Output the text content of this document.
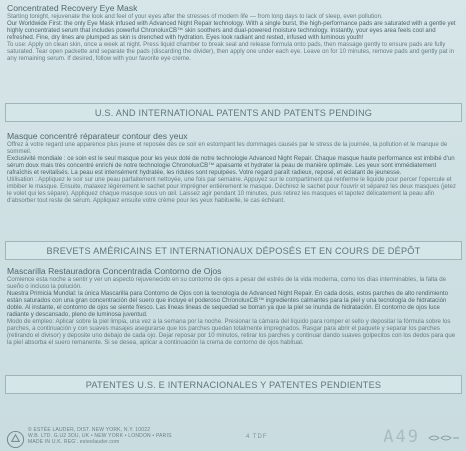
Concentrated Recovery Eye Mask

Starting tonight, rejuvenate the look and feel of your eyes after the stresses of modern life — from long days to lack of sleep, even pollution.

Our Worldwide First: the only Eye Mask infused with Advanced Night Repair technology. With a single burst, the high-performance pads are saturated with a gentle yet highly concentrated serum that includes powerful ChronoluxCB™ skin soothers and dual-powered moisture technology. Instantly, your eyes area feels cool and refreshed. Fine, dry lines are plumped as skin is drenched with hydration. Eyes look radiant and rested, infused with luminous youth!

To use: Apply on clean skin, once a week at night. Press liquid chamber to break seal and release formula onto pads, then massage gently to ensure pads are fully saturated. Tear open packette and separate the pads (discarding the divider), then apply one under each eye. Leave on for 10 minutes, remove pads and gently pat in any remaining serum. If desired, follow with your favorite eye creme.

U.S. AND INTERNATIONAL PATENTS AND PATENTS PENDING
Masque concentré réparateur contour des yeux

Offrez à votre regard une apparence plus jeune et reposée dès ce soir en estompant les dommages causés par le stress de la journée, la pollution et le manque de sommeil.

Exclusivité mondiale : ce soin est le seul masque pour les yeux doté de notre technologie Advanced Night Repair. Chaque masque haute performance est imbibé d'un sérum doux mais très concentré enrichi de notre technologie ChronoluxCB™ apaisante et hydrater la peau de manière optimale. Les yeux sont immédiatement rafraîchis et revitalisés. La peau est intensément hydratée, les ridules sont repulpées. Votre regard paraît radieux, reposé, et éclatant de jeunesse.

Utilisation : Appliquez le soir sur une peau parfaitement nettoyée, une fois par semaine. Appuyez sur le compartiment qui renferme le liquide pour percer l'opercule et imbiber le masque. Ensuite, malaxez légèrement le sachet pour imprégner entièrement le masque. Déchirez le sachet pour l'ouvrir et séparez les deux masques (jetez le volet qui les sépare). Appliquez chaque masque sous un œil. Laissez agir pendant 10 minutes, puis retirez les masques et tapotez délicatement la peau afin d'absorber tout reste de sérum. Appliquez ensuite votre crème pour les yeux habituelle, le cas échéant.

BREVETS AMÉRICAINS ET INTERNATIONAUX DÉPOSÉS ET EN COURS DE DÉPÔT
Mascarilla Restauradora Concentrada Contorno de Ojos

Comience esta noche a sentir y ver un aspecto rejuvenecido en su contorno de ojos a pesar del estrés de la vida moderna, como los días interminables, la falta de sueño o incluso la polución.

Nuestra Primicia Mundial: la única Mascarilla para Contorno de Ojos con la tecnología de Advanced Night Repair. En cada dosis, estos parches de alto rendimiento están saturados con una gran concentración del suero que incluye el poderoso ChronoluxCB™ ingredientes calmantes para la piel y una tecnología de hidratación doble. Al instante, el contorno de ojos se siente fresco. Las líneas lineas de sequedad se borran ya que la piel se inunda de hidratación. El contorno de ojos luce radiante y descansado, pleno de luminosa juventud.

Modo de empleo: Aplicar sobre la piel limpia, una vez a la semana por la noche. Presionar la cámara del líquido para romper el sello y depositar la fórmula sobre los parches, a continuación y con suaves masajes asegurarse que los parches quedan totalmente impregnados. Rasgar para abrir el paquete y separar los parches (retirando el divisor) y deposite uno debajo de cada ojo. Dejar reposar por 10 minutos, retirar los parches y continuar dando suaves golpecitos con los dedos para que la piel absorba el suero remanente. Si se desea, aplicar a continuación la crema de contorno de ojos habitual.

PATENTES U.S. E INTERNACIONALES Y PATENTES PENDIENTES
© ESTÉE LAUDER, DIST. NEW YORK, N.Y. 10022
W.B. LTD. G.U2 3OU, UK • NEW YORK • LONDON • PARIS
MADE IN U.K. REG'. esteelauder.com
4 TDF	A49
